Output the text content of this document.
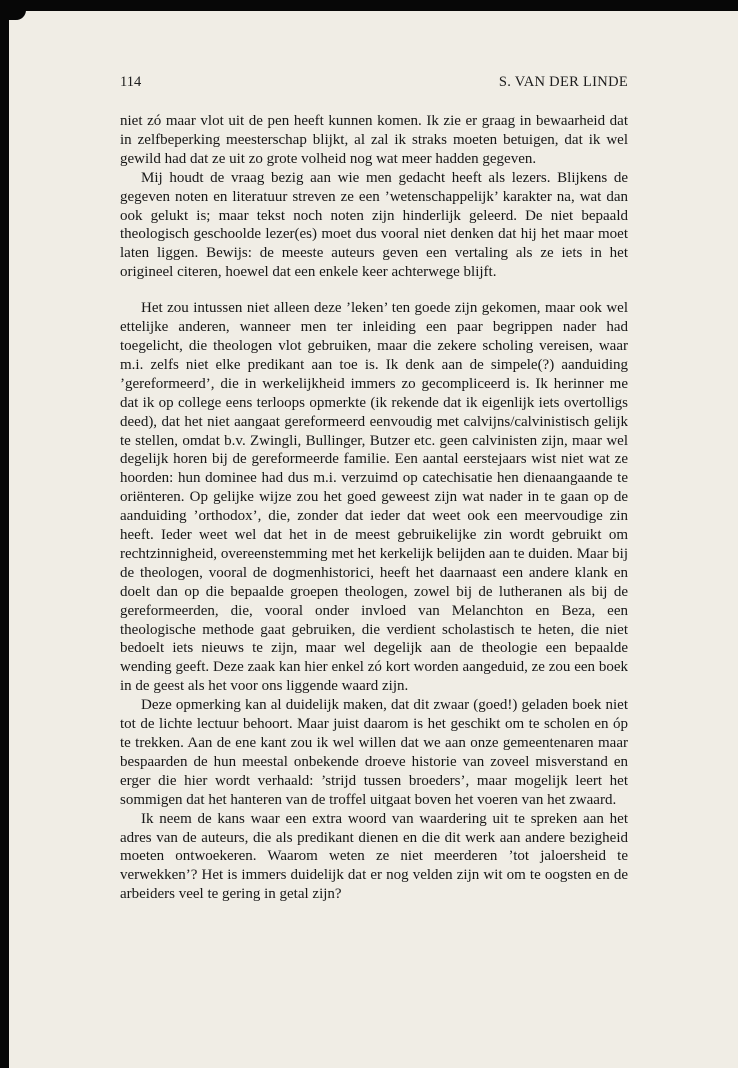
114	S. VAN DER LINDE

niet zó maar vlot uit de pen heeft kunnen komen. Ik zie er graag in bewaarheid dat in zelfbeperking meesterschap blijkt, al zal ik straks moeten betuigen, dat ik wel gewild had dat ze uit zo grote volheid nog wat meer hadden gegeven.

Mij houdt de vraag bezig aan wie men gedacht heeft als lezers. Blijkens de gegeven noten en literatuur streven ze een ’wetenschappelijk’ karakter na, wat dan ook gelukt is; maar tekst noch noten zijn hinderlijk geleerd. De niet bepaald theologisch geschoolde lezer(es) moet dus vooral niet denken dat hij het maar moet laten liggen. Bewijs: de meeste auteurs geven een vertaling als ze iets in het origineel citeren, hoewel dat een enkele keer achterwege blijft.

Het zou intussen niet alleen deze ’leken’ ten goede zijn gekomen, maar ook wel ettelijke anderen, wanneer men ter inleiding een paar begrippen nader had toegelicht, die theologen vlot gebruiken, maar die zekere scholing vereisen, waar m.i. zelfs niet elke predikant aan toe is. Ik denk aan de simpele(?) aanduiding ’gereformeerd’, die in werkelijkheid immers zo gecompliceerd is. Ik herinner me dat ik op college eens terloops opmerkte (ik rekende dat ik eigenlijk iets overtolligs deed), dat het niet aangaat gereformeerd eenvoudig met calvijns/calvinistisch gelijk te stellen, omdat b.v. Zwingli, Bullinger, Butzer etc. geen calvinisten zijn, maar wel degelijk horen bij de gereformeerde familie. Een aantal eerstejaars wist niet wat ze hoorden: hun dominee had dus m.i. verzuimd op catechisatie hen dienaangaande te oriënteren. Op gelijke wijze zou het goed geweest zijn wat nader in te gaan op de aanduiding ’orthodox’, die, zonder dat ieder dat weet ook een meervoudige zin heeft. Ieder weet wel dat het in de meest gebruikelijke zin wordt gebruikt om rechtzinnigheid, overeenstemming met het kerkelijk belijden aan te duiden. Maar bij de theologen, vooral de dogmenhistorici, heeft het daarnaast een andere klank en doelt dan op die bepaalde groepen theologen, zowel bij de lutheranen als bij de gereformeerden, die, vooral onder invloed van Melanchton en Beza, een theologische methode gaat gebruiken, die verdient scholastisch te heten, die niet bedoelt iets nieuws te zijn, maar wel degelijk aan de theologie een bepaalde wending geeft. Deze zaak kan hier enkel zó kort worden aangeduid, ze zou een boek in de geest als het voor ons liggende waard zijn.

Deze opmerking kan al duidelijk maken, dat dit zwaar (goed!) geladen boek niet tot de lichte lectuur behoort. Maar juist daarom is het geschikt om te scholen en óp te trekken. Aan de ene kant zou ik wel willen dat we aan onze gemeentenaren maar bespaarden de hun meestal onbekende droeve historie van zoveel misverstand en erger die hier wordt verhaald: ’strijd tussen broeders’, maar mogelijk leert het sommigen dat het hanteren van de troffel uitgaat boven het voeren van het zwaard.

Ik neem de kans waar een extra woord van waardering uit te spreken aan het adres van de auteurs, die als predikant dienen en die dit werk aan andere bezigheid moeten ontwoekeren. Waarom weten ze niet meerderen ’tot jaloersheid te verwekken’? Het is immers duidelijk dat er nog velden zijn wit om te oogsten en de arbeiders veel te gering in getal zijn?
